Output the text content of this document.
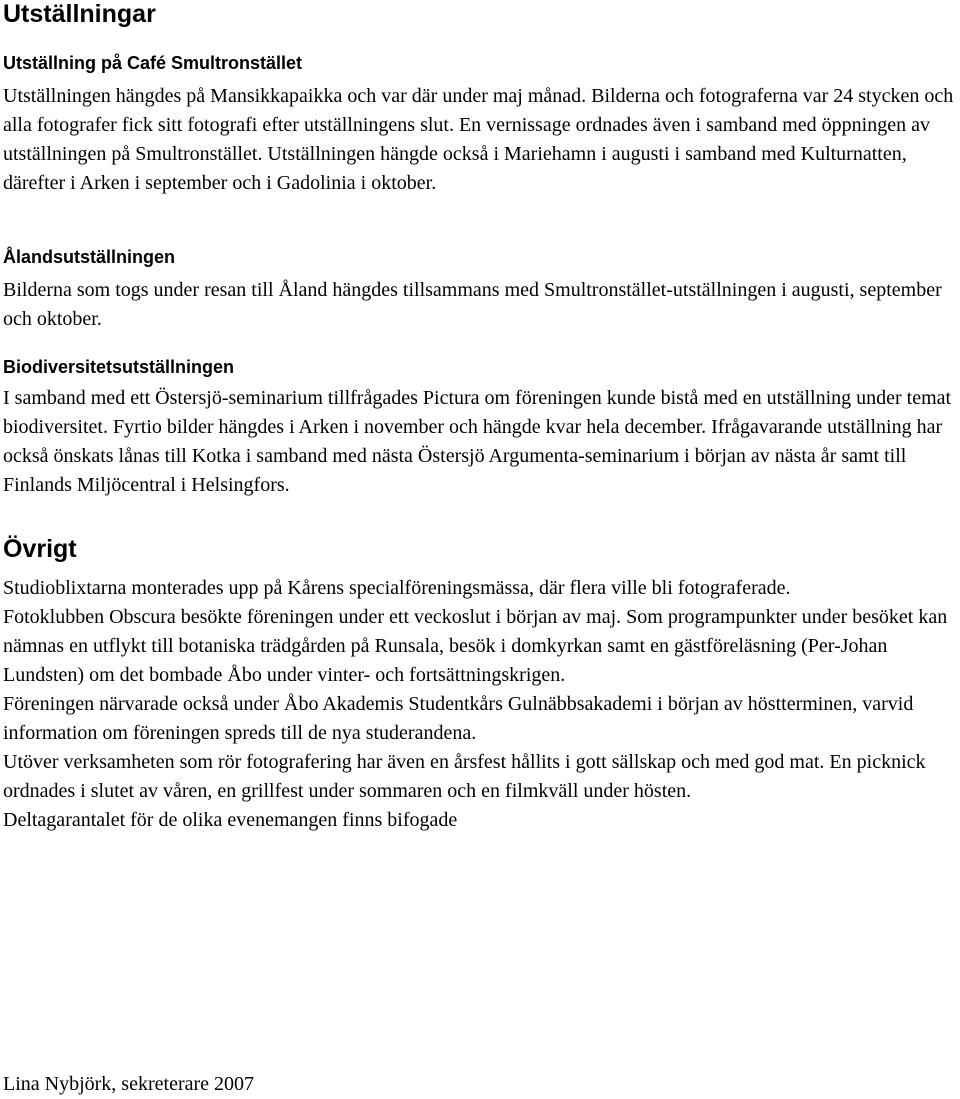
Utställningar
Utställning på Café Smultronstället

Utställningen hängdes på Mansikkapaikka och var där under maj månad. Bilderna och fotograferna var 24 stycken och alla fotografer fick sitt fotografi efter utställningens slut. En vernissage ordnades även i samband med öppningen av utställningen på Smultronstället. Utställningen hängde också i Mariehamn i augusti i samband med Kulturnatten, därefter i Arken i september och i Gadolinia i oktober.

Ålandsutställningen

Bilderna som togs under resan till Åland hängdes tillsammans med Smultronstället-utställningen i augusti, september och oktober.

Biodiversitetsutställningen

I samband med ett Östersjö-seminarium tillfrågades Pictura om föreningen kunde bistå med en utställning under temat biodiversitet. Fyrtio bilder hängdes i Arken i november och hängde kvar hela december. Ifrågavarande utställning har också önskats lånas till Kotka i samband med nästa Östersjö Argumenta-seminarium i början av nästa år samt till Finlands Miljöcentral i Helsingfors.

Övrigt

Studioblixtarna monterades upp på Kårens specialföreningsmässa, där flera ville bli fotograferade.

Fotoklubben Obscura besökte föreningen under ett veckoslut i början av maj. Som programpunkter under besöket kan nämnas en utflykt till botaniska trädgården på Runsala, besök i domkyrkan samt en gästföreläsning (Per-Johan Lundsten) om det bombade Åbo under vinter- och fortsättningskrigen.

Föreningen närvarade också under Åbo Akademis Studentkårs Gulnäbbsakademi i början av höstterminen, varvid information om föreningen spreds till de nya studerandena.

Utöver verksamheten som rör fotografering har även en årsfest hållits i gott sällskap och med god mat. En picknick ordnades i slutet av våren, en grillfest under sommaren och en filmkväll under hösten.

Deltagarantalet för de olika evenemangen finns bifogade

Lina Nybjörk, sekreterare 2007
